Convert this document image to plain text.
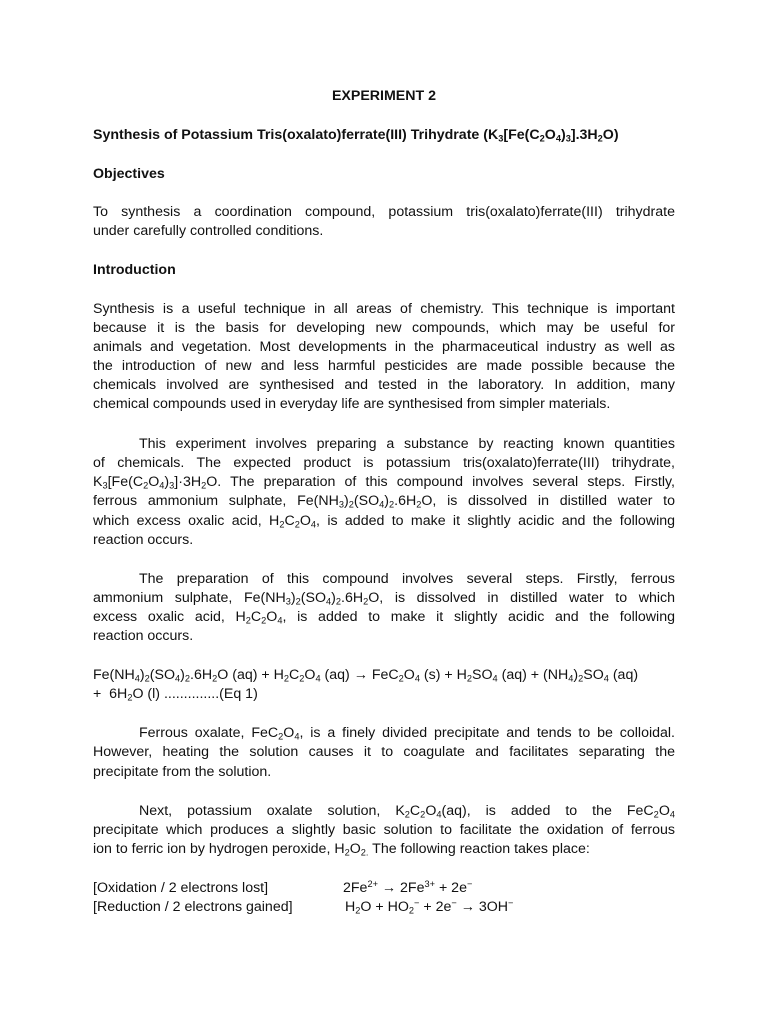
EXPERIMENT 2
Synthesis of Potassium Tris(oxalato)ferrate(III) Trihydrate $(K_3[Fe(C_2O_4)_3].3H_2O)$
Objectives
To synthesis a coordination compound, potassium tris(oxalato)ferrate(III) trihydrate
under carefully controlled conditions.
Introduction
Synthesis is a useful technique in all areas of chemistry. This technique is important
because it is the basis for developing new compounds, which may be useful for
animals and vegetation. Most developments in the pharmaceutical industry as well as
the introduction of new and less harmful pesticides are made possible because the
chemicals involved are synthesised and tested in the laboratory. In addition, many
chemical compounds used in everyday life are synthesised from simpler materials.
This experiment involves preparing a substance by reacting known quantities
of chemicals. The expected product is potassium tris(oxalato)ferrate(III) trihydrate,
$K_3[Fe(C_2O_4)_3]\cdot 3H_2O$. The preparation of this compound involves several steps. Firstly,
ferrous ammonium sulphate, $Fe(NH_3)_2(SO_4)_2.6H_2O$, is dissolved in distilled water to
which excess oxalic acid, $H_2C_2O_4$, is added to make it slightly acidic and the following
reaction occurs.
The preparation of this compound involves several steps. Firstly, ferrous
ammonium sulphate, $Fe(NH_3)_2(SO_4)_2.6H_2O$, is dissolved in distilled water to which
excess oxalic acid, $H_2C_2O_4$, is added to make it slightly acidic and the following
reaction occurs.
$Fe(NH_4)_2(SO_4)_2.6H_2O$ $(aq) + H_2C_2O_4$ $(aq) \to FeC_2O_4$ $(s) + H_2SO_4$ $(aq) + (NH_4)_2SO_4$ (aq)
+  $6H_2O$ (l) ..............(Eq 1)
Ferrous oxalate, $FeC_2O_4$, is a finely divided precipitate and tends to be colloidal.
However, heating the solution causes it to coagulate and facilitates separating the
precipitate from the solution.
Next, potassium oxalate solution, $K_2C_2O_4(aq)$, is added to the $FeC_2O_4$
precipitate which produces a slightly basic solution to facilitate the oxidation of ferrous
ion to ferric ion by hydrogen peroxide, $H_2O_{2.}$ The following reaction takes place:
[Oxidation / 2 electrons lost]	$2Fe^{2+} \to 2Fe^{3+} + 2e^-$
[Reduction / 2 electrons gained]	$H_2O + HO_2^- + 2e^- \to 3OH^-$
